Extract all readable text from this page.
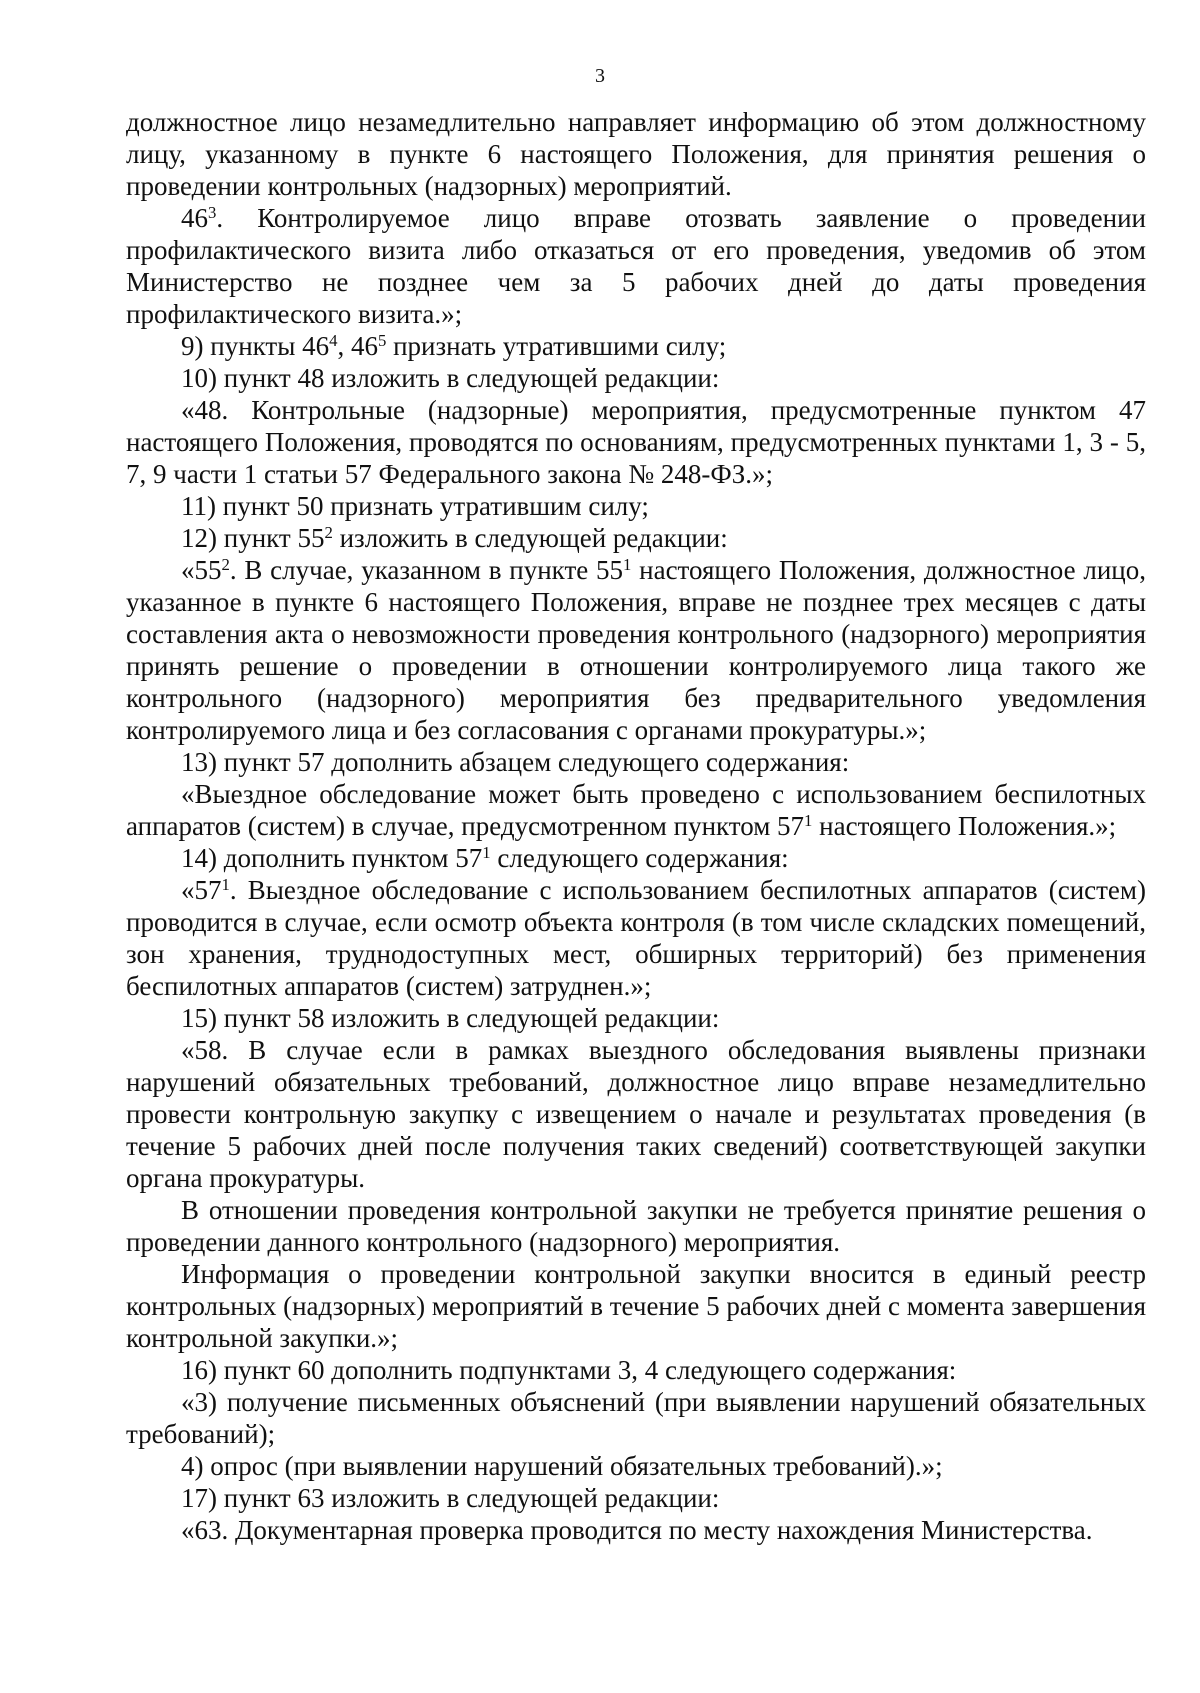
3

должностное лицо незамедлительно направляет информацию об этом должностному лицу, указанному в пункте 6 настоящего Положения, для принятия решения о проведении контрольных (надзорных) мероприятий.

$46^3$. Контролируемое лицо вправе отозвать заявление о проведении профилактического визита либо отказаться от его проведения, уведомив об этом Министерство не позднее чем за 5 рабочих дней до даты проведения профилактического визита.»;

9) пункты $46^4$, $46^5$ признать утратившими силу;

10) пункт 48 изложить в следующей редакции:

«48. Контрольные (надзорные) мероприятия, предусмотренные пунктом 47 настоящего Положения, проводятся по основаниям, предусмотренных пунктами 1, 3 - 5, 7, 9 части 1 статьи 57 Федерального закона № 248-ФЗ.»;

11) пункт 50 признать утратившим силу;

12) пункт $55^2$ изложить в следующей редакции:

«$55^2$. В случае, указанном в пункте $55^1$ настоящего Положения, должностное лицо, указанное в пункте 6 настоящего Положения, вправе не позднее трех месяцев с даты составления акта о невозможности проведения контрольного (надзорного) мероприятия принять решение о проведении в отношении контролируемого лица такого же контрольного (надзорного) мероприятия без предварительного уведомления контролируемого лица и без согласования с органами прокуратуры.»;

13) пункт 57 дополнить абзацем следующего содержания:

«Выездное обследование может быть проведено с использованием беспилотных аппаратов (систем) в случае, предусмотренном пунктом $57^1$ настоящего Положения.»;

14) дополнить пунктом $57^1$ следующего содержания:

«$57^1$. Выездное обследование с использованием беспилотных аппаратов (систем) проводится в случае, если осмотр объекта контроля (в том числе складских помещений, зон хранения, труднодоступных мест, обширных территорий) без применения беспилотных аппаратов (систем) затруднен.»;

15) пункт 58 изложить в следующей редакции:

«58. В случае если в рамках выездного обследования выявлены признаки нарушений обязательных требований, должностное лицо вправе незамедлительно провести контрольную закупку с извещением о начале и результатах проведения (в течение 5 рабочих дней после получения таких сведений) соответствующей закупки органа прокуратуры.

В отношении проведения контрольной закупки не требуется принятие решения о проведении данного контрольного (надзорного) мероприятия.

Информация о проведении контрольной закупки вносится в единый реестр контрольных (надзорных) мероприятий в течение 5 рабочих дней с момента завершения контрольной закупки.»;

16) пункт 60 дополнить подпунктами 3, 4 следующего содержания:

«3) получение письменных объяснений (при выявлении нарушений обязательных требований);

4) опрос (при выявлении нарушений обязательных требований).»;

17) пункт 63 изложить в следующей редакции:

«63. Документарная проверка проводится по месту нахождения Министерства.
